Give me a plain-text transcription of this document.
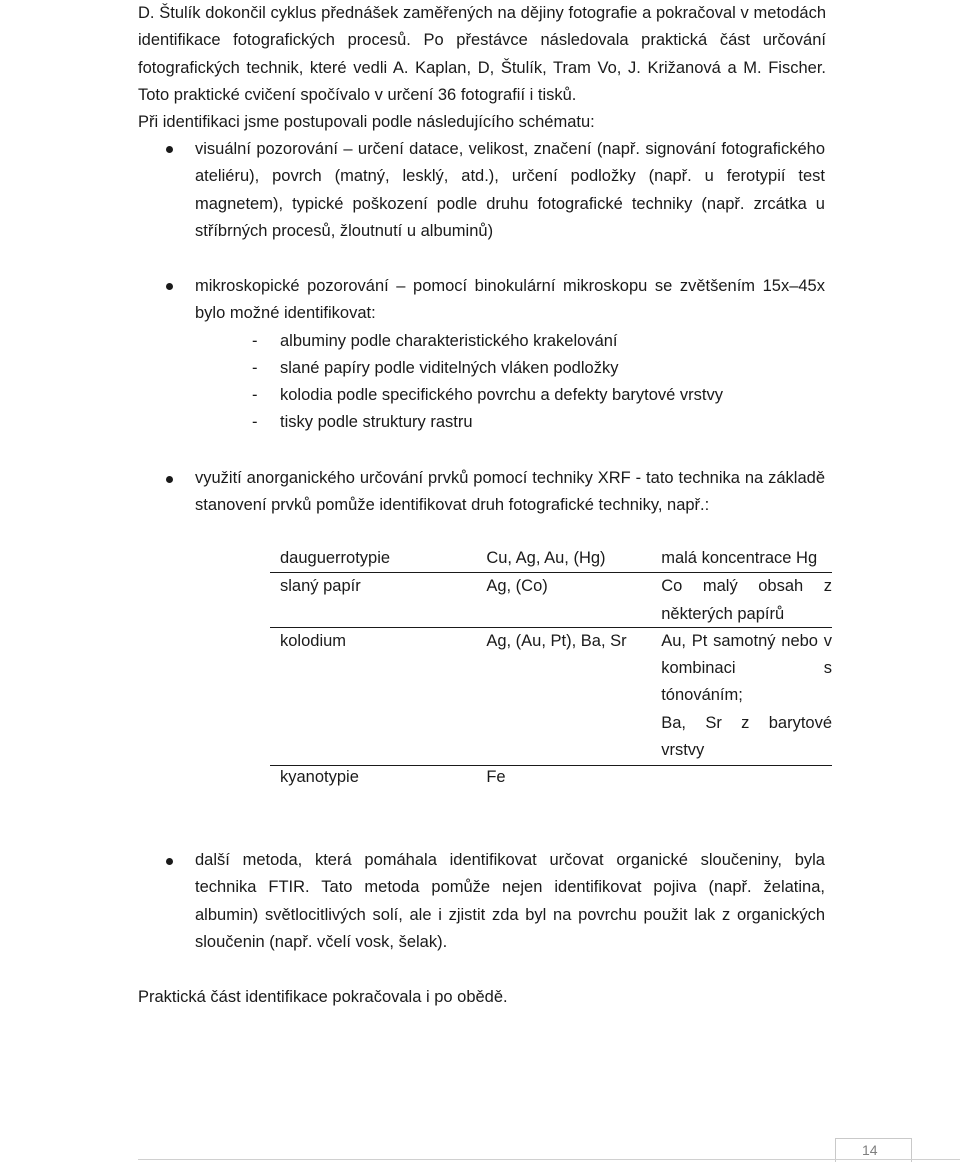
D. Štulík dokončil cyklus přednášek zaměřených na dějiny fotografie a pokračoval v metodách identifikace fotografických procesů. Po přestávce následovala praktická část určování fotografických technik, které vedli A. Kaplan, D, Štulík, Tram Vo, J. Križanová a M. Fischer. Toto praktické cvičení spočívalo v určení 36 fotografií i tisků.
Při identifikaci jsme postupovali podle následujícího schématu:
visuální pozorování – určení datace, velikost, značení (např. signování fotografického ateliéru), povrch (matný, lesklý, atd.), určení podložky (např. u ferotypií test magnetem), typické poškození podle druhu fotografické techniky (např. zrcátka u stříbrných procesů, žloutnutí u albuminů)
mikroskopické pozorování – pomocí binokulární mikroskopu se zvětšením 15x–45x bylo možné identifikovat:
- albuminy podle charakteristického krakelování
- slané papíry podle viditelných vláken podložky
- kolodia podle specifického povrchu a defekty barytové vrstvy
- tisky podle struktury rastru
využití anorganického určování prvků pomocí techniky XRF - tato technika na základě stanovení prvků pomůže identifikovat druh fotografické techniky, např.:
dauguerrotypie	Cu, Ag, Au, (Hg)	malá koncentrace Hg
slaný papír	Ag, (Co)	Co malý obsah z některých papírů
kolodium	Ag, (Au, Pt), Ba, Sr	Au, Pt samotný nebo v kombinaci s tónováním;
Ba, Sr z barytové vrstvy
kyanotypie	Fe
další metoda, která pomáhala identifikovat určovat organické sloučeniny, byla technika FTIR. Tato metoda pomůže nejen identifikovat pojiva (např. želatina, albumin) světlocitlivých solí, ale i zjistit zda byl na povrchu použit lak z organických sloučenin (např. včelí vosk, šelak).
Praktická část identifikace pokračovala i po obědě.
14
